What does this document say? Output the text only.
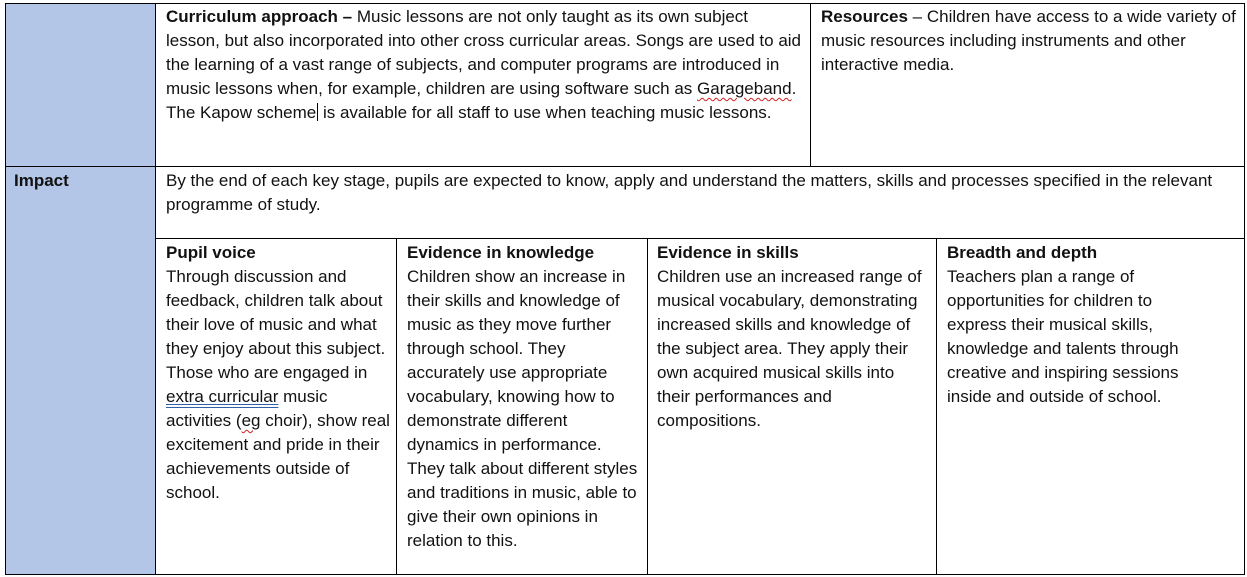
Curriculum approach – Music lessons are not only taught as its own subject lesson, but also incorporated into other cross curricular areas. Songs are used to aid the learning of a vast range of subjects, and computer programs are introduced in music lessons when, for example, children are using software such as Garageband.
The Kapow scheme is available for all staff to use when teaching music lessons.
Resources – Children have access to a wide variety of music resources including instruments and other interactive media.
Impact	By the end of each key stage, pupils are expected to know, apply and understand the matters, skills and processes specified in the relevant programme of study.
Pupil voice
Through discussion and feedback, children talk about their love of music and what they enjoy about this subject. Those who are engaged in extra curricular music activities (eg choir), show real excitement and pride in their achievements outside of school.
Evidence in knowledge
Children show an increase in their skills and knowledge of music as they move further through school. They accurately use appropriate vocabulary, knowing how to demonstrate different dynamics in performance. They talk about different styles and traditions in music, able to give their own opinions in relation to this.
Evidence in skills
Children use an increased range of musical vocabulary, demonstrating increased skills and knowledge of the subject area. They apply their own acquired musical skills into their performances and compositions.
Breadth and depth
Teachers plan a range of opportunities for children to express their musical skills, knowledge and talents through creative and inspiring sessions inside and outside of school.
